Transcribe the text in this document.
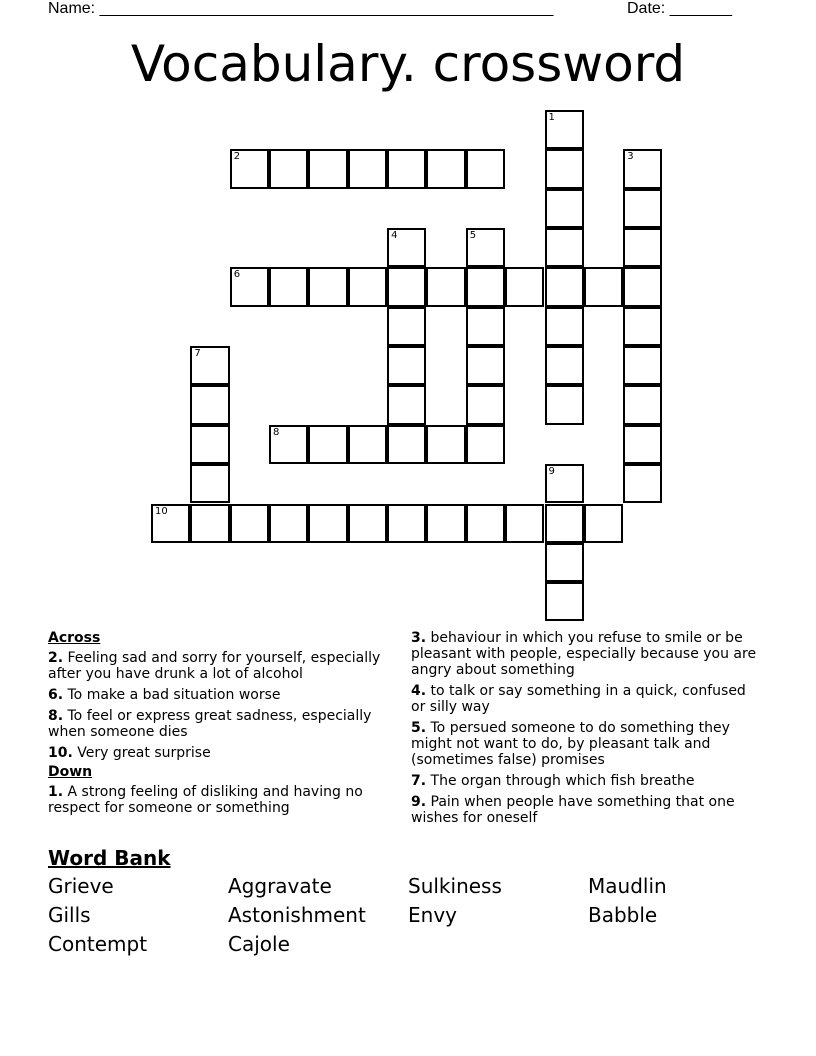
Name: ___________________________________________________	Date: _______
Vocabulary. crossword
1
2	3
4	5
6
7
8
9
10
Across
2. Feeling sad and sorry for yourself, especially after you have drunk a lot of alcohol
6. To make a bad situation worse
8. To feel or express great sadness, especially when someone dies
10. Very great surprise
Down
1. A strong feeling of disliking and having no respect for someone or something
3. behaviour in which you refuse to smile or be pleasant with people, especially because you are angry about something
4. to talk or say something in a quick, confused or silly way
5. To persued someone to do something they might not want to do, by pleasant talk and (sometimes false) promises
7. The organ through which fish breathe
9. Pain when people have something that one wishes for oneself
Word Bank
Grieve	Aggravate	Sulkiness	Maudlin
Gills	Astonishment	Envy	Babble
Contempt	Cajole
